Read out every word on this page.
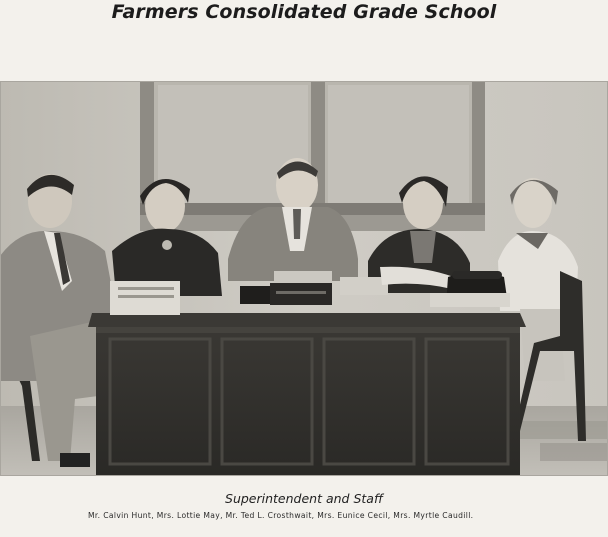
Farmers Consolidated Grade School
Superintendent and Staff
Mr. Calvin Hunt, Mrs. Lottie May, Mr. Ted L. Crosthwait, Mrs. Eunice Cecil, Mrs. Myrtle Caudill.
